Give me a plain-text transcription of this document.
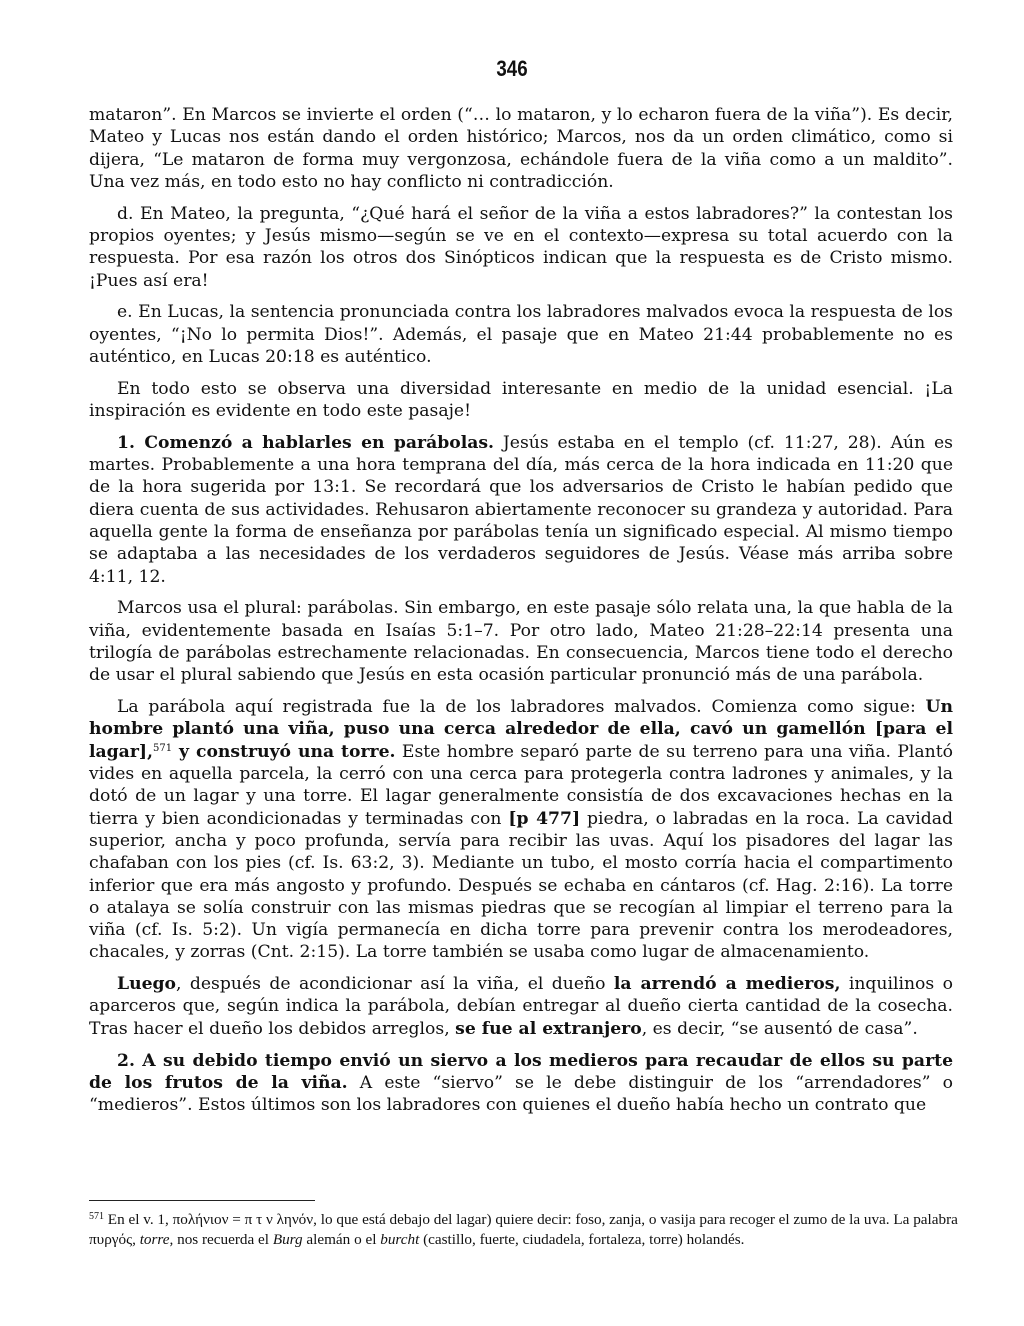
346

mataron”. En Marcos se invierte el orden (“… lo mataron, y lo echaron fuera de la viña”). Es decir, Mateo y Lucas nos están dando el orden histórico; Marcos, nos da un orden climático, como si dijera, “Le mataron de forma muy vergonzosa, echándole fuera de la viña como a un maldito”. Una vez más, en todo esto no hay conflicto ni contradicción.

d. En Mateo, la pregunta, “¿Qué hará el señor de la viña a estos labradores?” la contestan los propios oyentes; y Jesús mismo—según se ve en el contexto—expresa su total acuerdo con la respuesta. Por esa razón los otros dos Sinópticos indican que la respuesta es de Cristo mismo. ¡Pues así era!

e. En Lucas, la sentencia pronunciada contra los labradores malvados evoca la respuesta de los oyentes, “¡No lo permita Dios!”. Además, el pasaje que en Mateo 21:44 probablemente no es auténtico, en Lucas 20:18 es auténtico.

En todo esto se observa una diversidad interesante en medio de la unidad esencial. ¡La inspiración es evidente en todo este pasaje!

1. Comenzó a hablarles en parábolas. Jesús estaba en el templo (cf. 11:27, 28). Aún es martes. Probablemente a una hora temprana del día, más cerca de la hora indicada en 11:20 que de la hora sugerida por 13:1. Se recordará que los adversarios de Cristo le habían pedido que diera cuenta de sus actividades. Rehusaron abiertamente reconocer su grandeza y autoridad. Para aquella gente la forma de enseñanza por parábolas tenía un significado especial. Al mismo tiempo se adaptaba a las necesidades de los verdaderos seguidores de Jesús. Véase más arriba sobre 4:11, 12.

Marcos usa el plural: parábolas. Sin embargo, en este pasaje sólo relata una, la que habla de la viña, evidentemente basada en Isaías 5:1–7. Por otro lado, Mateo 21:28–22:14 presenta una trilogía de parábolas estrechamente relacionadas. En consecuencia, Marcos tiene todo el derecho de usar el plural sabiendo que Jesús en esta ocasión particular pronunció más de una parábola.

La parábola aquí registrada fue la de los labradores malvados. Comienza como sigue: Un hombre plantó una viña, puso una cerca alrededor de ella, cavó un gamellón [para el lagar],$^{571}$ y construyó una torre. Este hombre separó parte de su terreno para una viña. Plantó vides en aquella parcela, la cerró con una cerca para protegerla contra ladrones y animales, y la dotó de un lagar y una torre. El lagar generalmente consistía de dos excavaciones hechas en la tierra y bien acondicionadas y terminadas con [p 477] piedra, o labradas en la roca. La cavidad superior, ancha y poco profunda, servía para recibir las uvas. Aquí los pisadores del lagar las chafaban con los pies (cf. Is. 63:2, 3). Mediante un tubo, el mosto corría hacia el compartimento inferior que era más angosto y profundo. Después se echaba en cántaros (cf. Hag. 2:16). La torre o atalaya se solía construir con las mismas piedras que se recogían al limpiar el terreno para la viña (cf. Is. 5:2). Un vigía permanecía en dicha torre para prevenir contra los merodeadores, chacales, y zorras (Cnt. 2:15). La torre también se usaba como lugar de almacenamiento.

Luego, después de acondicionar así la viña, el dueño la arrendó a medieros, inquilinos o aparceros que, según indica la parábola, debían entregar al dueño cierta cantidad de la cosecha. Tras hacer el dueño los debidos arreglos, se fue al extranjero, es decir, “se ausentó de casa”.

2. A su debido tiempo envió un siervo a los medieros para recaudar de ellos su parte de los frutos de la viña. A este “siervo” se le debe distinguir de los “arrendadores” o “medieros”. Estos últimos son los labradores con quienes el dueño había hecho un contrato que

$^{571}$ En el v. 1, πολήνιον = π τ ν ληνόν, lo que está debajo del lagar) quiere decir: foso, zanja, o vasija para recoger el zumo de la uva. La palabra πυργός, torre, nos recuerda el Burg alemán o el burcht (castillo, fuerte, ciudadela, fortaleza, torre) holandés.
